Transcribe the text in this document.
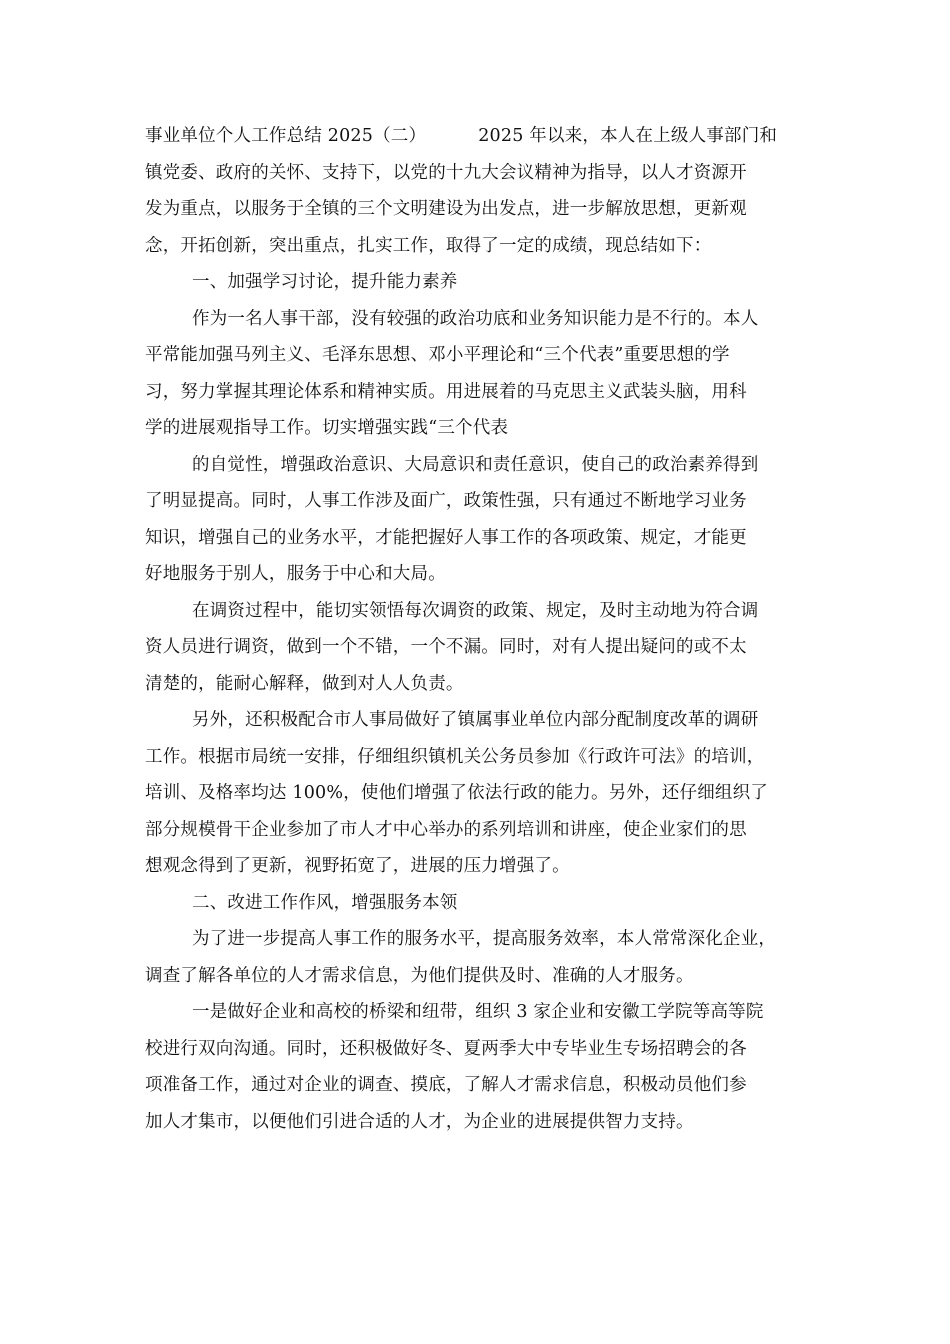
事业单位个人工作总结 2025（二）	2025 年以来，本人在上级人事部门和
镇党委、政府的关怀、支持下，以党的十九大会议精神为指导，以人才资源开
发为重点，以服务于全镇的三个文明建设为出发点，进一步解放思想，更新观
念，开拓创新，突出重点，扎实工作，取得了一定的成绩，现总结如下：
一、加强学习讨论，提升能力素养
作为一名人事干部，没有较强的政治功底和业务知识能力是不行的。本人
平常能加强马列主义、毛泽东思想、邓小平理论和“三个代表”重要思想的学
习，努力掌握其理论体系和精神实质。用进展着的马克思主义武装头脑，用科
学的进展观指导工作。切实增强实践“三个代表
的自觉性，增强政治意识、大局意识和责任意识，使自己的政治素养得到
了明显提高。同时，人事工作涉及面广，政策性强，只有通过不断地学习业务
知识，增强自己的业务水平，才能把握好人事工作的各项政策、规定，才能更
好地服务于别人，服务于中心和大局。
在调资过程中，能切实领悟每次调资的政策、规定，及时主动地为符合调
资人员进行调资，做到一个不错，一个不漏。同时，对有人提出疑问的或不太
清楚的，能耐心解释，做到对人人负责。
另外，还积极配合市人事局做好了镇属事业单位内部分配制度改革的调研
工作。根据市局统一安排，仔细组织镇机关公务员参加《行政许可法》的培训，
培训、及格率均达 100%，使他们增强了依法行政的能力。另外，还仔细组织了
部分规模骨干企业参加了市人才中心举办的系列培训和讲座，使企业家们的思
想观念得到了更新，视野拓宽了，进展的压力增强了。
二、改进工作作风，增强服务本领
为了进一步提高人事工作的服务水平，提高服务效率，本人常常深化企业，
调查了解各单位的人才需求信息，为他们提供及时、准确的人才服务。
一是做好企业和高校的桥梁和纽带，组织 3 家企业和安徽工学院等高等院
校进行双向沟通。同时，还积极做好冬、夏两季大中专毕业生专场招聘会的各
项准备工作，通过对企业的调查、摸底，了解人才需求信息，积极动员他们参
加人才集市，以便他们引进合适的人才，为企业的进展提供智力支持。
